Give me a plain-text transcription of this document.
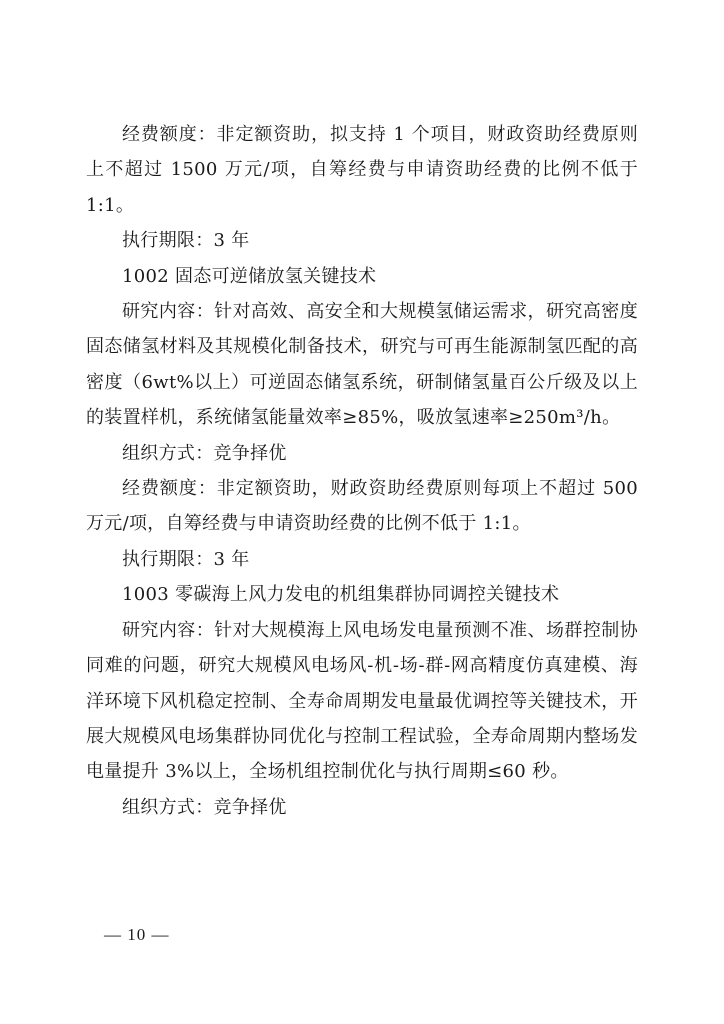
经费额度：非定额资助，拟支持 1 个项目，财政资助经费原则上不超过 1500 万元/项，自筹经费与申请资助经费的比例不低于 1:1。

执行期限：3 年

1002 固态可逆储放氢关键技术

研究内容：针对高效、高安全和大规模氢储运需求，研究高密度固态储氢材料及其规模化制备技术，研究与可再生能源制氢匹配的高密度（6wt%以上）可逆固态储氢系统，研制储氢量百公斤级及以上的装置样机，系统储氢能量效率≥85%，吸放氢速率≥250m³/h。

组织方式：竞争择优

经费额度：非定额资助，财政资助经费原则每项上不超过 500 万元/项，自筹经费与申请资助经费的比例不低于 1:1。

执行期限：3 年

1003 零碳海上风力发电的机组集群协同调控关键技术

研究内容：针对大规模海上风电场发电量预测不准、场群控制协同难的问题，研究大规模风电场风-机-场-群-网高精度仿真建模、海洋环境下风机稳定控制、全寿命周期发电量最优调控等关键技术，开展大规模风电场集群协同优化与控制工程试验，全寿命周期内整场发电量提升 3%以上，全场机组控制优化与执行周期≤60 秒。

组织方式：竞争择优

— 10 —
